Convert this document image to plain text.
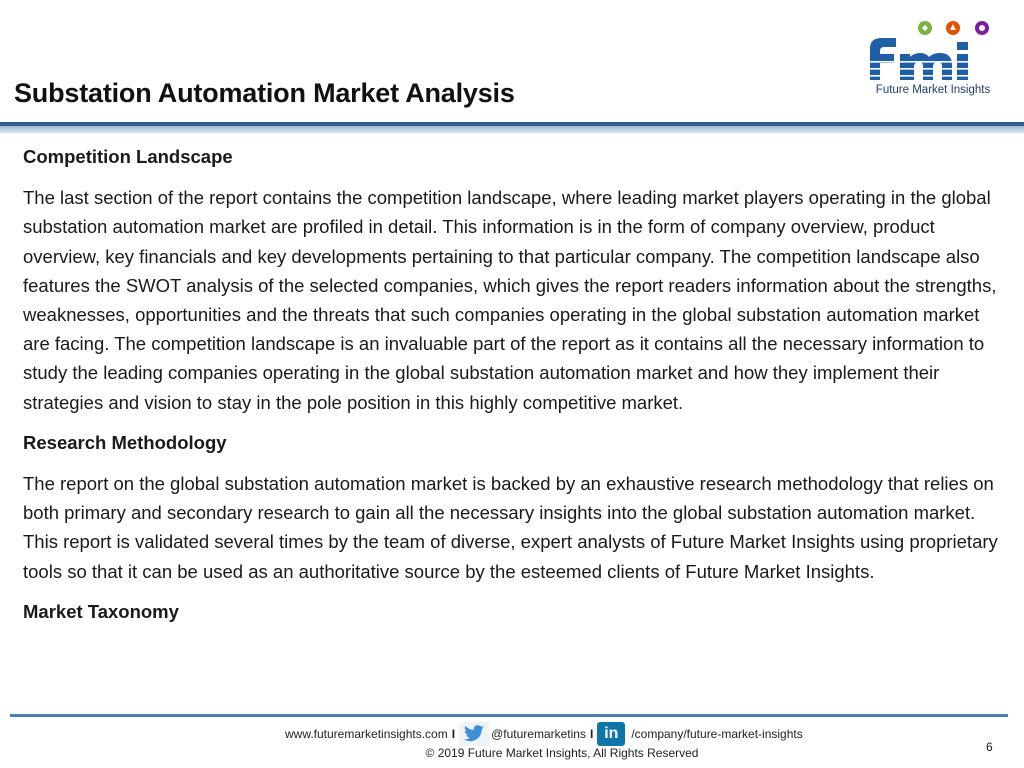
Substation Automation Market Analysis	Future Market Insights
Competition Landscape
The last section of the report contains the competition landscape, where leading market players operating in the global substation automation market are profiled in detail. This information is in the form of company overview, product overview, key financials and key developments pertaining to that particular company. The competition landscape also features the SWOT analysis of the selected companies, which gives the report readers information about the strengths, weaknesses, opportunities and the threats that such companies operating in the global substation automation market are facing. The competition landscape is an invaluable part of the report as it contains all the necessary information to study the leading companies operating in the global substation automation market and how they implement their strategies and vision to stay in the pole position in this highly competitive market.
Research Methodology
The report on the global substation automation market is backed by an exhaustive research methodology that relies on both primary and secondary research to gain all the necessary insights into the global substation automation market. This report is validated several times by the team of diverse, expert analysts of Future Market Insights using proprietary tools so that it can be used as an authoritative source by the esteemed clients of Future Market Insights.
Market Taxonomy
www.futuremarketinsights.com I	@futuremarketins I in	/company/future-market-insights
© 2019 Future Market Insights, All Rights Reserved	6
